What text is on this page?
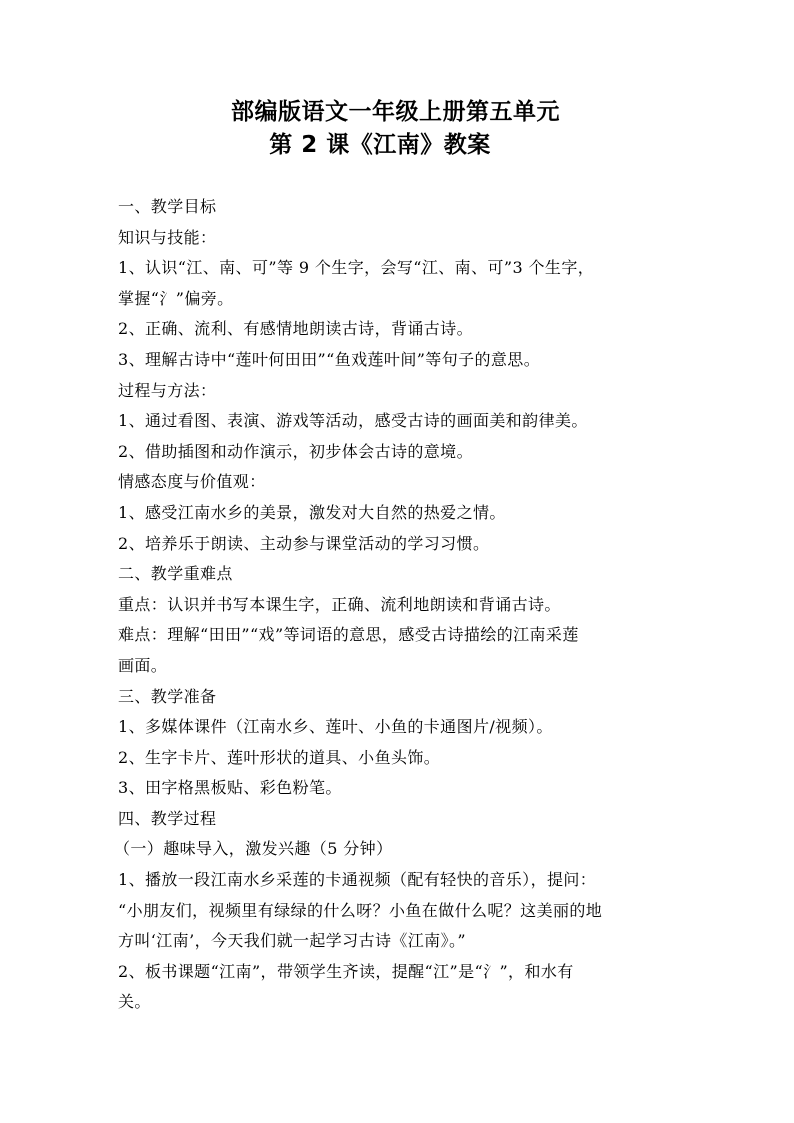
部编版语文一年级上册第五单元
第 2 课《江南》教案
一、教学目标
知识与技能：
1、认识“江、南、可”等 9 个生字，会写“江、南、可”3 个生字，
掌握“氵”偏旁。
2、正确、流利、有感情地朗读古诗，背诵古诗。
3、理解古诗中“莲叶何田田”“鱼戏莲叶间”等句子的意思。
过程与方法：
1、通过看图、表演、游戏等活动，感受古诗的画面美和韵律美。
2、借助插图和动作演示，初步体会古诗的意境。
情感态度与价值观：
1、感受江南水乡的美景，激发对大自然的热爱之情。
2、培养乐于朗读、主动参与课堂活动的学习习惯。
二、教学重难点
重点：认识并书写本课生字，正确、流利地朗读和背诵古诗。
难点：理解“田田”“戏”等词语的意思，感受古诗描绘的江南采莲
画面。
三、教学准备
1、多媒体课件（江南水乡、莲叶、小鱼的卡通图片/视频）。
2、生字卡片、莲叶形状的道具、小鱼头饰。
3、田字格黑板贴、彩色粉笔。
四、教学过程
（一）趣味导入，激发兴趣（5 分钟）
1、播放一段江南水乡采莲的卡通视频（配有轻快的音乐），提问：
“小朋友们，视频里有绿绿的什么呀？小鱼在做什么呢？这美丽的地
方叫‘江南’，今天我们就一起学习古诗《江南》。”
2、板书课题“江南”，带领学生齐读，提醒“江”是“氵”，和水有
关。
